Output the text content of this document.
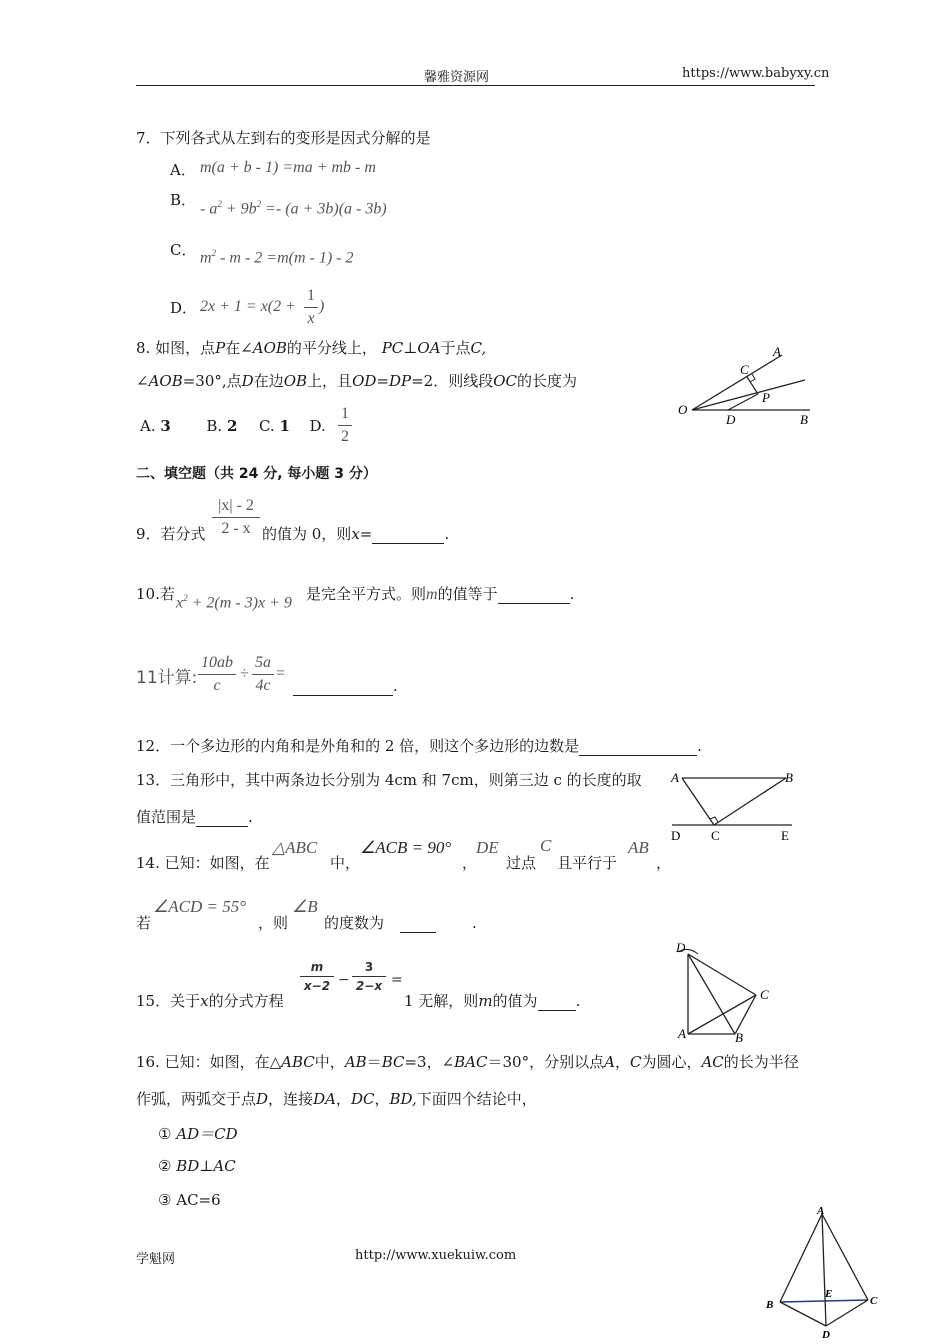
馨雅资源网	https://www.babyxy.cn
7．下列各式从左到右的变形是因式分解的是
A． m(a + b - 1) =ma + mb - m
B． - $a^2 + 9b^2 =- (a + 3b)(a - 3b)$
C． $m^2 - m - 2 =m(m - 1) - 2$
D． 2x + 1 = x(2 +
1
x
)
8. 如图，点P在∠AOB的平分线上， PC⊥OA于点C,
∠AOB=30°,点D在边OB上，且OD=DP=2．则线段OC的长度为
A. 3 B. 2 C. 1 D.
1
2
O
A
B
C
D
P
二、填空题（共 24 分, 每小题 3 分）
9．若分式
|x| - 2
2 - x 的值为 0，则x=	.
10.若 $x^2 + 2(m - 3)x + 9$ 是完全平方式。则m的值等于	.
11计算:
10ab
c
÷
5a
4c
=
.
12．一个多边形的内角和是外角和的 2 倍，则这个多边形的边数是	.
13．三角形中，其中两条边长分别为 4cm 和 7cm，则第三边 c 的长度的取
值范围是	.
A	B
D C	E
14. 已知：如图，在
△ABC
中，
∠ACB = 90°
，
DE
过点
C
且平行于
AB
，
若
∠ACD = 55°
，则
∠B
的度数为	.
15．关于x的分式方程
m
x−2 −
3
2−x =
1 无解，则m的值为	.
D
C
A	B
16. 已知：如图，在△ABC中，AB＝BC=3，∠BAC＝30°，分别以点A，C为圆心，AC的长为半径
作弧，两弧交于点D，连接DA，DC，BD,下面四个结论中，
① AD＝CD
② BD⊥AC
③ AC=6
A
B	C
E
D
学魁网	http://www.xuekuiw.com
